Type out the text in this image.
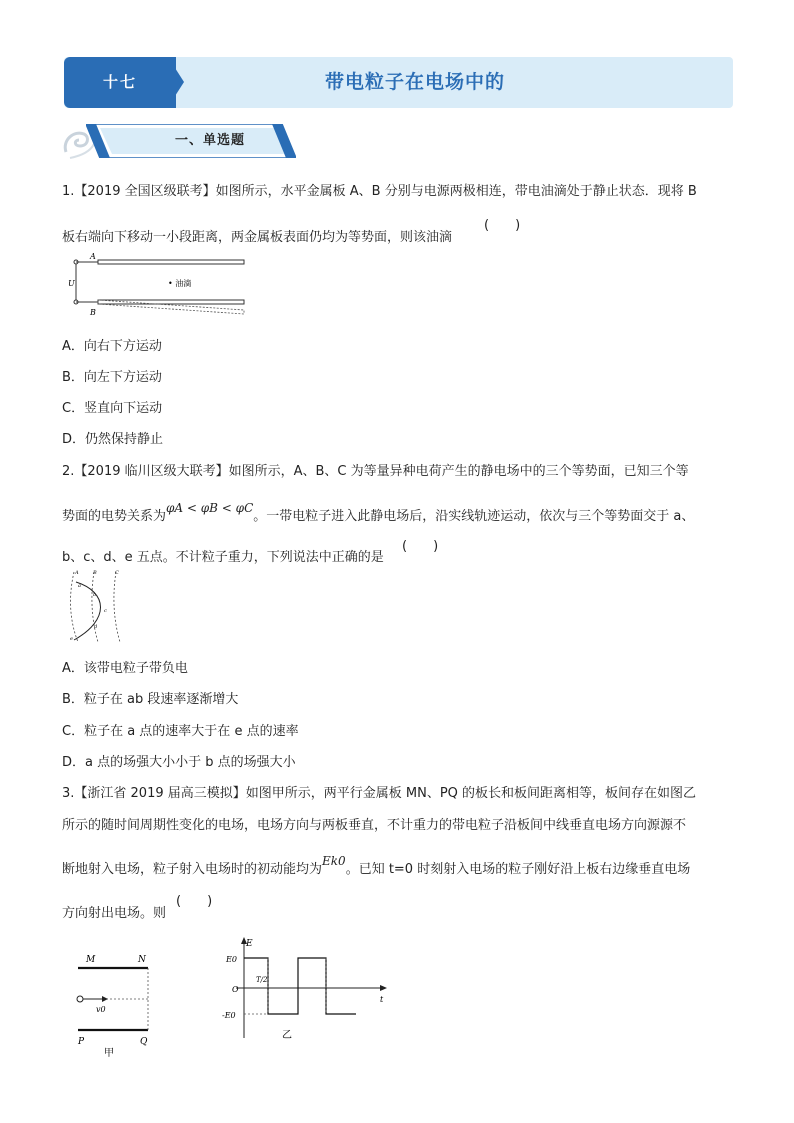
十七	带电粒子在电场中的
一、单选题
1.【2019 全国区级联考】如图所示，水平金属板 A、B 分别与电源两极相连，带电油滴处于静止状态．现将 B
板右端向下移动一小段距离，两金属板表面仍均为等势面，则该油滴
(　　)
A
U
B
• 油滴
A．向右下方运动
B．向左下方运动
C．竖直向下运动
D．仍然保持静止
2.【2019 临川区级大联考】如图所示，A、B、C 为等量异种电荷产生的静电场中的三个等势面，已知三个等
势面的电势关系为φA < φB < φC。一带电粒子进入此静电场后，沿实线轨迹运动，依次与三个等势面交于 a、
b、c、d、e 五点。不计粒子重力，下列说法中正确的是
(　　)
A	B	C
a
b
c
d
e
A．该带电粒子带负电
B．粒子在 ab 段速率逐渐增大
C．粒子在 a 点的速率大于在 e 点的速率
D．a 点的场强大小小于 b 点的场强大小
3.【浙江省 2019 届高三模拟】如图甲所示，两平行金属板 MN、PQ 的板长和板间距离相等，板间存在如图乙
所示的随时间周期性变化的电场，电场方向与两板垂直，不计重力的带电粒子沿板间中线垂直电场方向源源不
断地射入电场，粒子射入电场时的初动能均为Ek0。已知 t=0 时刻射入电场的粒子刚好沿上板右边缘垂直电场
方向射出电场。则
(　　)
M	N
P	Q
v0
甲
E
E0
O
-E0
t
T/2
乙
